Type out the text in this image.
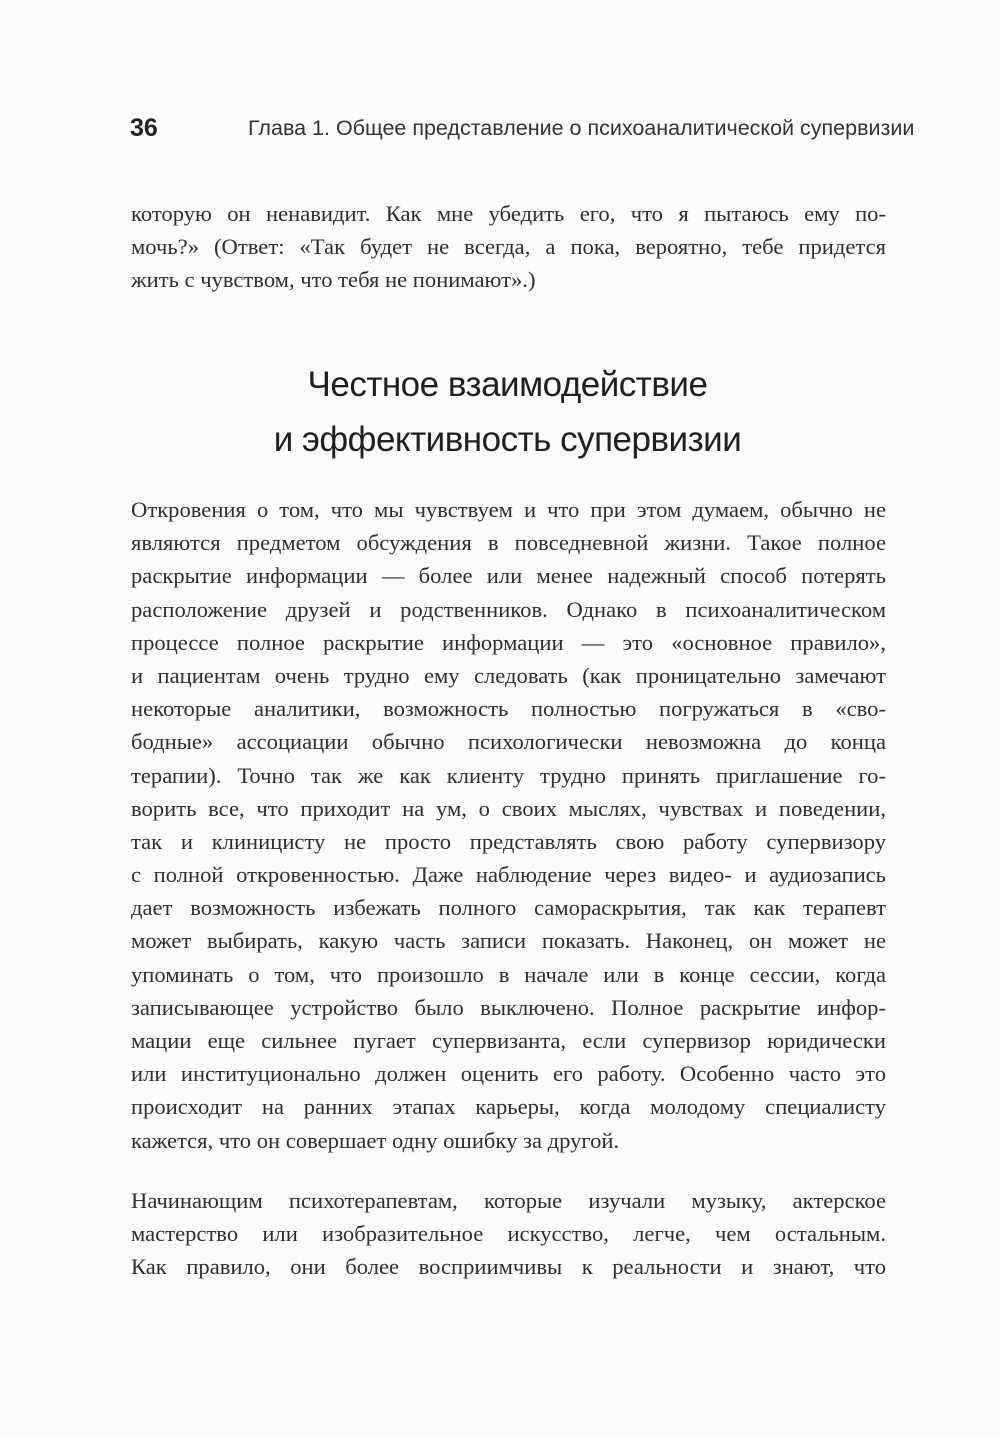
36	Глава 1. Общее представление о психоаналитической супервизии
которую он ненавидит. Как мне убедить его, что я пытаюсь ему по-
мочь?» (Ответ: «Так будет не всегда, а пока, вероятно, тебе придется
жить с чувством, что тебя не понимают».)
Честное взаимодействие
и эффективность супервизии
Откровения о том, что мы чувствуем и что при этом думаем, обычно не
являются предметом обсуждения в повседневной жизни. Такое полное
раскрытие информации — более или менее надежный способ потерять
расположение друзей и родственников. Однако в психоаналитическом
процессе полное раскрытие информации — это «основное правило»,
и пациентам очень трудно ему следовать (как проницательно замечают
некоторые аналитики, возможность полностью погружаться в «сво-
бодные» ассоциации обычно психологически невозможна до конца
терапии). Точно так же как клиенту трудно принять приглашение го-
ворить все, что приходит на ум, о своих мыслях, чувствах и поведении,
так и клиницисту не просто представлять свою работу супервизору
с полной откровенностью. Даже наблюдение через видео- и аудиозапись
дает возможность избежать полного самораскрытия, так как терапевт
может выбирать, какую часть записи показать. Наконец, он может не
упоминать о том, что произошло в начале или в конце сессии, когда
записывающее устройство было выключено. Полное раскрытие инфор-
мации еще сильнее пугает супервизанта, если супервизор юридически
или институционально должен оценить его работу. Особенно часто это
происходит на ранних этапах карьеры, когда молодому специалисту
кажется, что он совершает одну ошибку за другой.
Начинающим психотерапевтам, которые изучали музыку, актерское
мастерство или изобразительное искусство, легче, чем остальным.
Как правило, они более восприимчивы к реальности и знают, что
